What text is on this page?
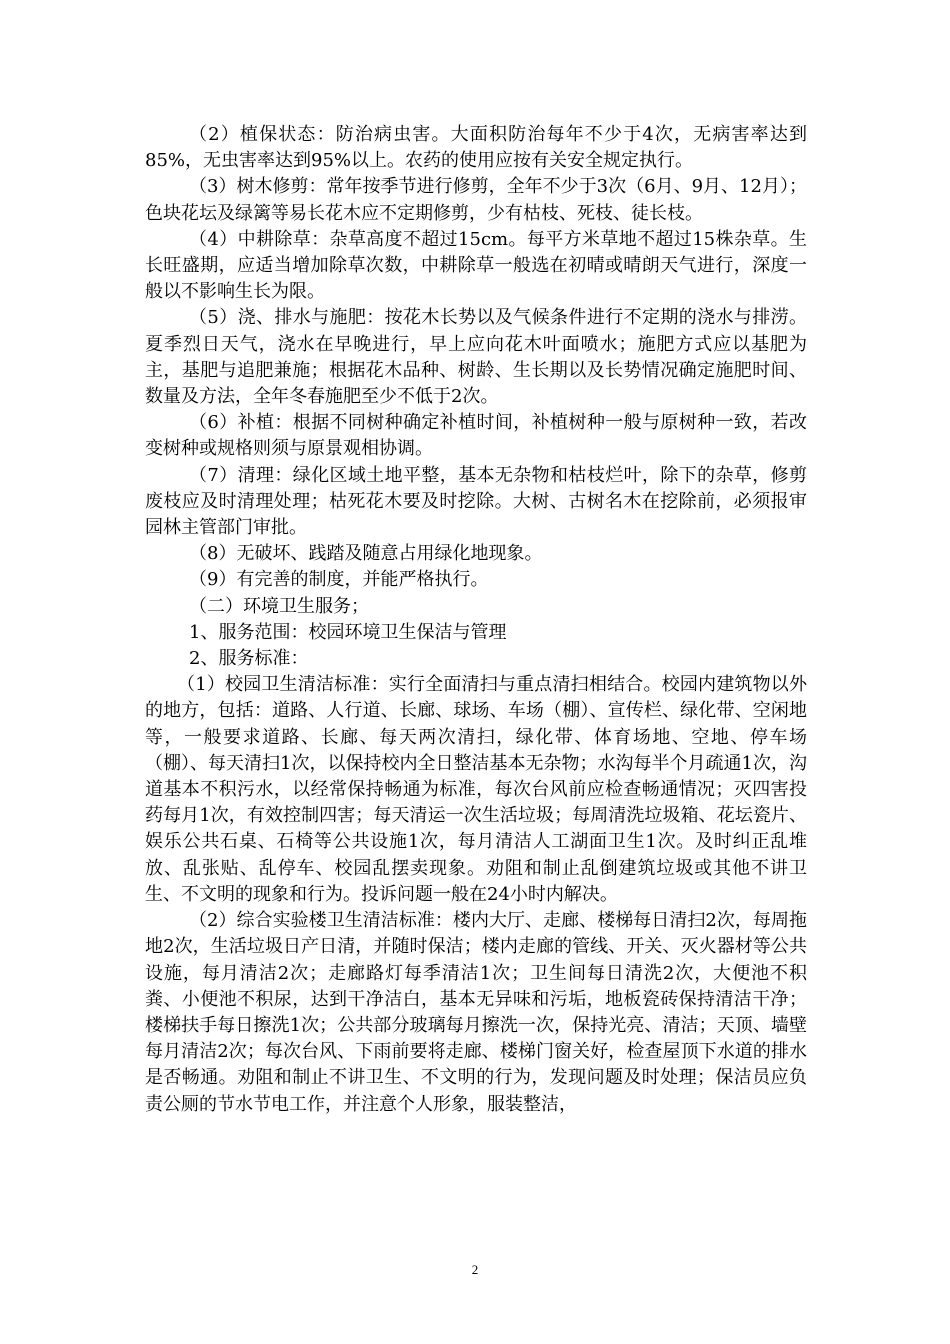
（2）植保状态：防治病虫害。大面积防治每年不少于4次，无病害率达到85%，无虫害率达到95%以上。农药的使用应按有关安全规定执行。

（3）树木修剪：常年按季节进行修剪，全年不少于3次（6月、9月、12月）；色块花坛及绿篱等易长花木应不定期修剪，少有枯枝、死枝、徒长枝。

（4）中耕除草：杂草高度不超过15cm。每平方米草地不超过15株杂草。生长旺盛期，应适当增加除草次数，中耕除草一般选在初晴或晴朗天气进行，深度一般以不影响生长为限。

（5）浇、排水与施肥：按花木长势以及气候条件进行不定期的浇水与排涝。夏季烈日天气，浇水在早晚进行，早上应向花木叶面喷水；施肥方式应以基肥为主，基肥与追肥兼施；根据花木品种、树龄、生长期以及长势情况确定施肥时间、数量及方法，全年冬春施肥至少不低于2次。

（6）补植：根据不同树种确定补植时间，补植树种一般与原树种一致，若改变树种或规格则须与原景观相协调。

（7）清理：绿化区域土地平整，基本无杂物和枯枝烂叶，除下的杂草，修剪废枝应及时清理处理；枯死花木要及时挖除。大树、古树名木在挖除前，必须报审园林主管部门审批。

（8）无破坏、践踏及随意占用绿化地现象。

（9）有完善的制度，并能严格执行。

（二）环境卫生服务；

1、服务范围：校园环境卫生保洁与管理

2、服务标准：

（1）校园卫生清洁标准：实行全面清扫与重点清扫相结合。校园内建筑物以外的地方，包括：道路、人行道、长廊、球场、车场（棚）、宣传栏、绿化带、空闲地等，一般要求道路、长廊、每天两次清扫，绿化带、体育场地、空地、停车场（棚）、每天清扫1次，以保持校内全日整洁基本无杂物；水沟每半个月疏通1次，沟道基本不积污水，以经常保持畅通为标准，每次台风前应检查畅通情况；灭四害投药每月1次，有效控制四害；每天清运一次生活垃圾；每周清洗垃圾箱、花坛瓷片、娱乐公共石桌、石椅等公共设施1次，每月清洁人工湖面卫生1次。及时纠正乱堆放、乱张贴、乱停车、校园乱摆卖现象。劝阻和制止乱倒建筑垃圾或其他不讲卫生、不文明的现象和行为。投诉问题一般在24小时内解决。

（2）综合实验楼卫生清洁标准：楼内大厅、走廊、楼梯每日清扫2次，每周拖地2次，生活垃圾日产日清，并随时保洁；楼内走廊的管线、开关、灭火器材等公共设施，每月清洁2次；走廊路灯每季清洁1次；卫生间每日清洗2次，大便池不积粪、小便池不积尿，达到干净洁白，基本无异味和污垢，地板瓷砖保持清洁干净；楼梯扶手每日擦洗1次；公共部分玻璃每月擦洗一次，保持光亮、清洁；天顶、墙壁每月清洁2次；每次台风、下雨前要将走廊、楼梯门窗关好，检查屋顶下水道的排水是否畅通。劝阻和制止不讲卫生、不文明的行为，发现问题及时处理；保洁员应负责公厕的节水节电工作，并注意个人形象，服装整洁，

2
